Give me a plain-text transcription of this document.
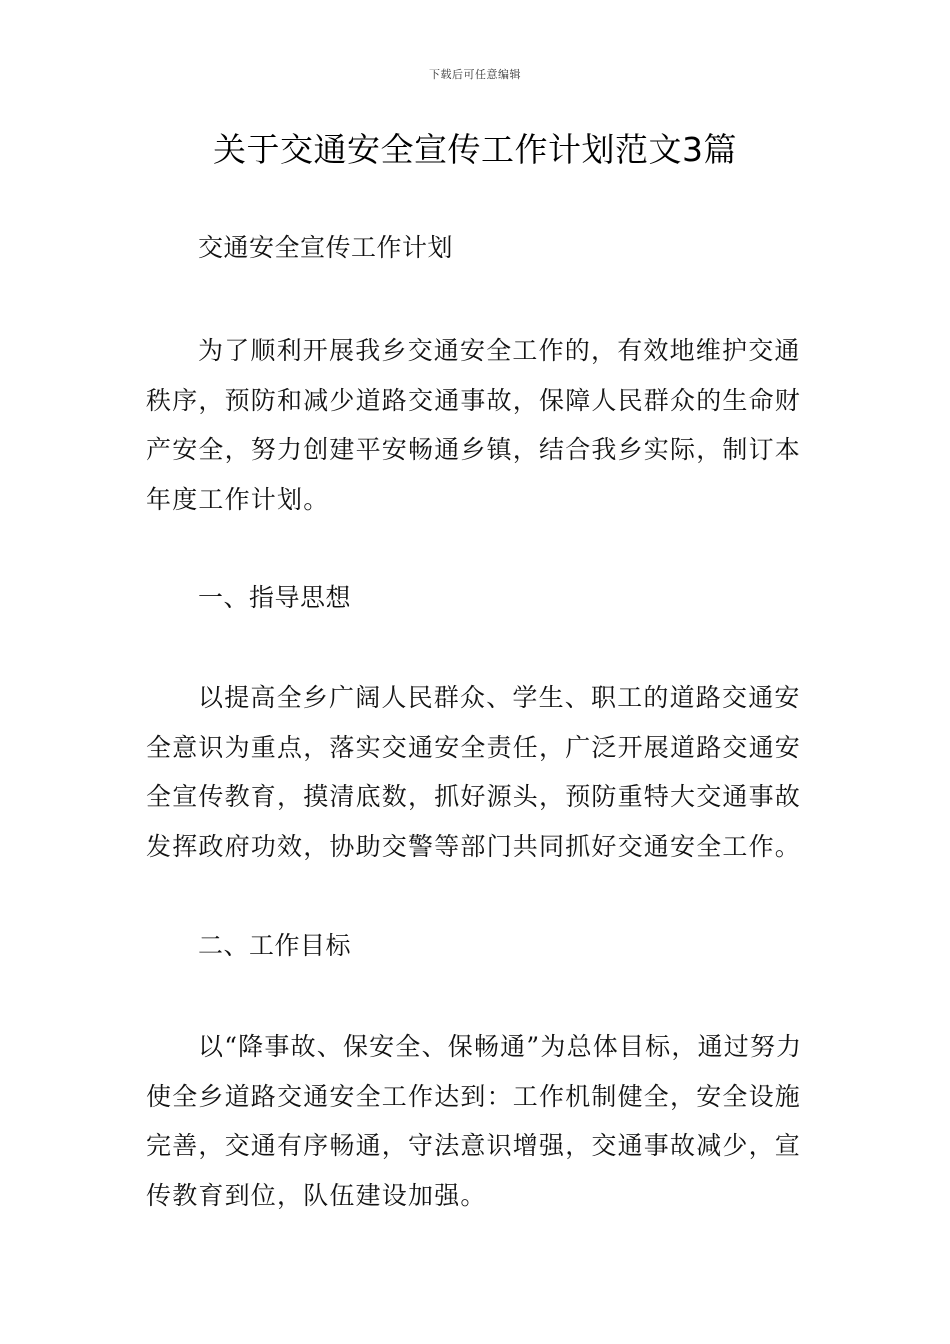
下载后可任意编辑
关于交通安全宣传工作计划范文3篇
交通安全宣传工作计划
为了顺利开展我乡交通安全工作的，有效地维护交通秩序，预防和减少道路交通事故，保障人民群众的生命财产安全，努力创建平安畅通乡镇，结合我乡实际，制订本年度工作计划。
一、指导思想
以提高全乡广阔人民群众、学生、职工的道路交通安全意识为重点，落实交通安全责任，广泛开展道路交通安全宣传教育，摸清底数，抓好源头，预防重特大交通事故发挥政府功效，协助交警等部门共同抓好交通安全工作。
二、工作目标
以“降事故、保安全、保畅通”为总体目标，通过努力使全乡道路交通安全工作达到：工作机制健全，安全设施完善，交通有序畅通，守法意识增强，交通事故减少，宣传教育到位，队伍建设加强。
